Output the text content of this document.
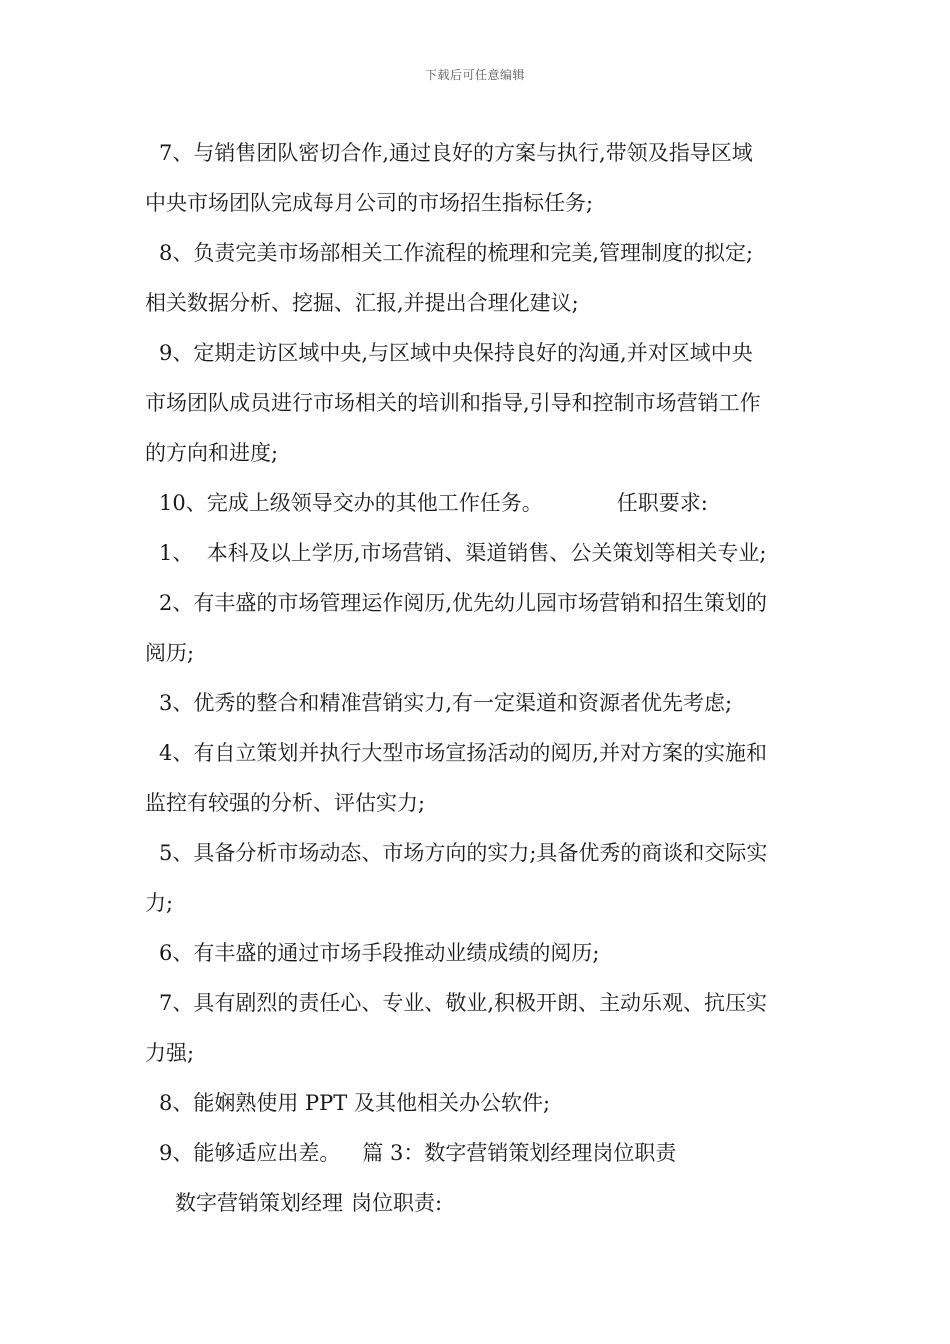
下载后可任意编辑
7、与销售团队密切合作,通过良好的方案与执行,带领及指导区域
中央市场团队完成每月公司的市场招生指标任务;
8、负责完美市场部相关工作流程的梳理和完美,管理制度的拟定;
相关数据分析、挖掘、汇报,并提出合理化建议;
9、定期走访区域中央,与区域中央保持良好的沟通,并对区域中央
市场团队成员进行市场相关的培训和指导,引导和控制市场营销工作
的方向和进度;
10、完成上级领导交办的其他工作任务。	任职要求:
1、  本科及以上学历,市场营销、渠道销售、公关策划等相关专业;
2、有丰盛的市场管理运作阅历,优先幼儿园市场营销和招生策划的
阅历;
3、优秀的整合和精准营销实力,有一定渠道和资源者优先考虑;
4、有自立策划并执行大型市场宣扬活动的阅历,并对方案的实施和
监控有较强的分析、评估实力;
5、具备分析市场动态、市场方向的实力;具备优秀的商谈和交际实
力;
6、有丰盛的通过市场手段推动业绩成绩的阅历;
7、具有剧烈的责任心、专业、敬业,积极开朗、主动乐观、抗压实
力强;
8、能娴熟使用 PPT 及其他相关办公软件;
9、能够适应出差。 篇 3：数字营销策划经理岗位职责
数字营销策划经理 岗位职责:
